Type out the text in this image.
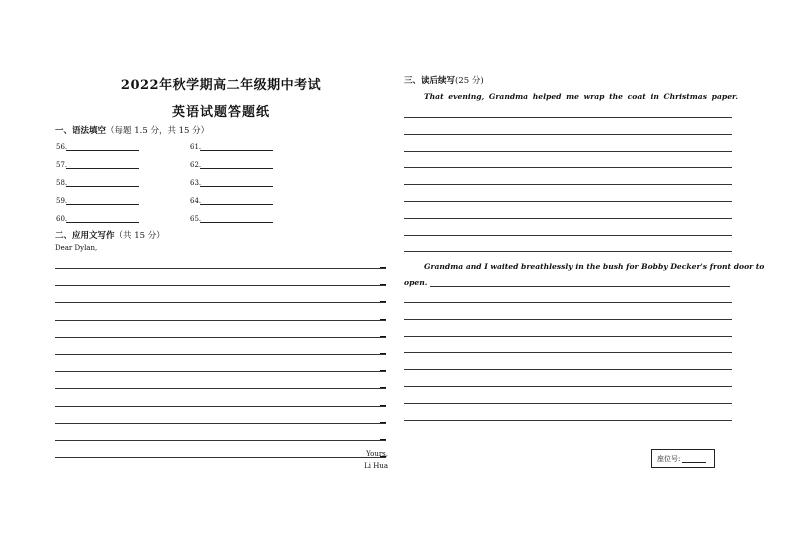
2022年秋学期高二年级期中考试
英语试题答题纸
一、语法填空（每题 1.5 分，共 15 分）
56.
57.
58.
59.
60.
61.
62.
63.
64.
65.
二、应用文写作（共 15 分）
Dear Dylan,
Yours,
Li Hua
三、读后续写(25 分)
That evening, Grandma helped me wrap the coat in Christmas paper.
Grandma and I waited breathlessly in the bush for Bobby Decker's front door to
open.
座位号:
